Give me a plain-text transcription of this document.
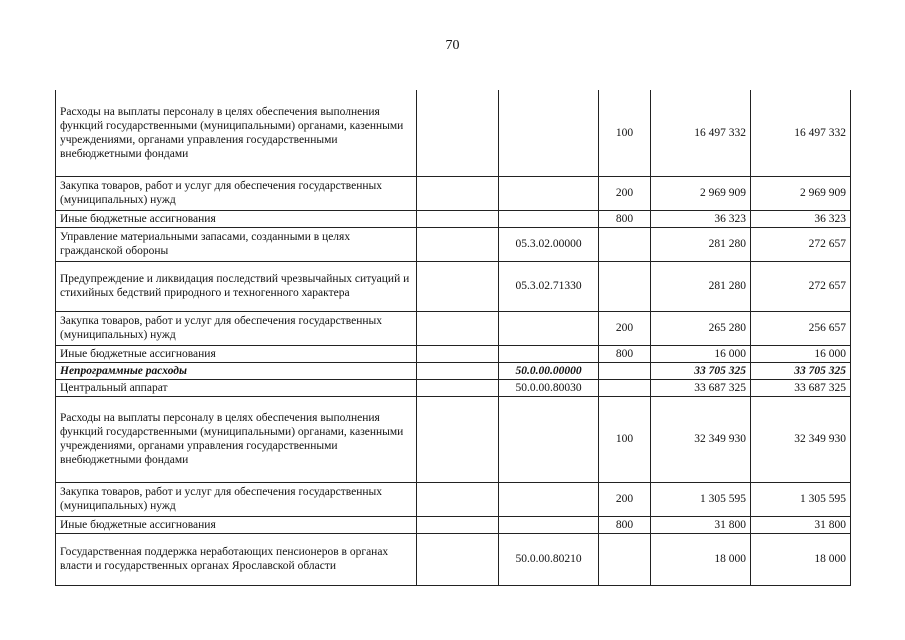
70
Расходы на выплаты персоналу в целях обеспечения выполнения функций государственными (муниципальными) органами, казенными учреждениями, органами управления государственными внебюджетными фондами			100	16 497 332	16 497 332
Закупка товаров, работ и услуг для обеспечения государственных (муниципальных) нужд			200	2 969 909	2 969 909
Иные бюджетные ассигнования			800	36 323	36 323
Управление материальными запасами, созданными в целях гражданской обороны		05.3.02.00000		281 280	272 657
Предупреждение и ликвидация последствий чрезвычайных ситуаций и стихийных бедствий природного и техногенного характера		05.3.02.71330		281 280	272 657
Закупка товаров, работ и услуг для обеспечения государственных (муниципальных) нужд			200	265 280	256 657
Иные бюджетные ассигнования			800	16 000	16 000
Непрограммные расходы		50.0.00.00000		33 705 325	33 705 325
Центральный аппарат		50.0.00.80030		33 687 325	33 687 325
Расходы на выплаты персоналу в целях обеспечения выполнения функций государственными (муниципальными) органами, казенными учреждениями, органами управления государственными внебюджетными фондами			100	32 349 930	32 349 930
Закупка товаров, работ и услуг для обеспечения государственных (муниципальных) нужд			200	1 305 595	1 305 595
Иные бюджетные ассигнования			800	31 800	31 800
Государственная поддержка неработающих пенсионеров в органах власти и государственных органах Ярославской области		50.0.00.80210		18 000	18 000
